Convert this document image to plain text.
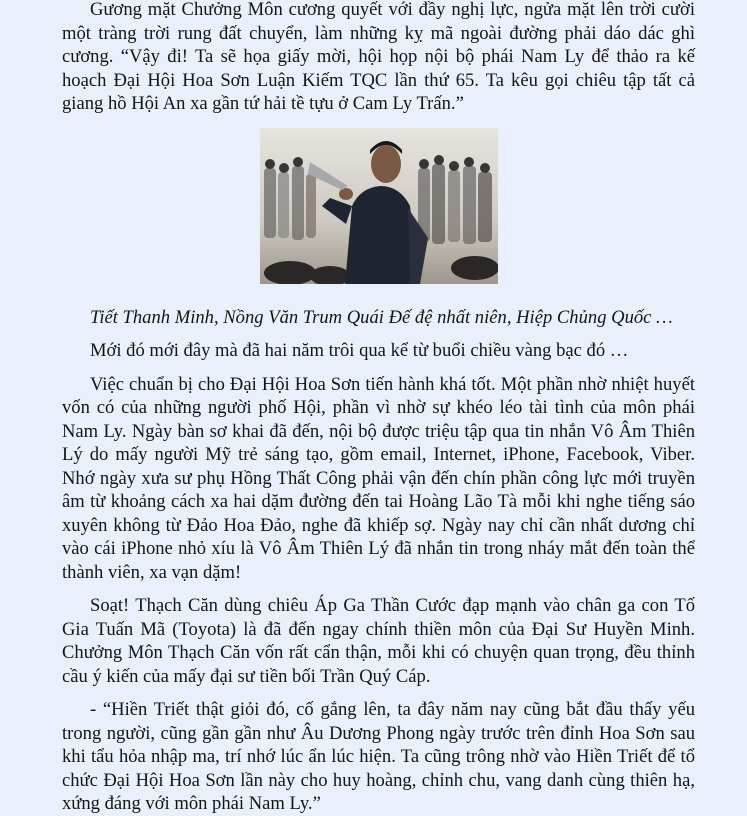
Gương mặt Chưởng Môn cương quyết với đầy nghị lực, ngửa mặt lên trời cười một tràng trời rung đất chuyển, làm những kỵ mã ngoài đường phải dáo dác ghì cương. “Vậy đi! Ta sẽ họa giấy mời, hội họp nội bộ phái Nam Ly để thảo ra kế hoạch Đại Hội Hoa Sơn Luận Kiếm TQC lần thứ 65. Ta kêu gọi chiêu tập tất cả giang hồ Hội An xa gần tứ hải tề tựu ở Cam Ly Trấn.”

Tiết Thanh Minh, Nồng Văn Trum Quái Đế đệ nhất niên, Hiệp Chủng Quốc …

Mới đó mới đây mà đã hai năm trôi qua kể từ buổi chiều vàng bạc đó …

Việc chuẩn bị cho Đại Hội Hoa Sơn tiến hành khá tốt. Một phần nhờ nhiệt huyết vốn có của những người phố Hội, phần vì nhờ sự khéo léo tài tình của môn phái Nam Ly. Ngày bàn sơ khai đã đến, nội bộ được triệu tập qua tin nhắn Vô Âm Thiên Lý do mấy người Mỹ trẻ sáng tạo, gồm email, Internet, iPhone, Facebook, Viber. Nhớ ngày xưa sư phụ Hồng Thất Công phải vận đến chín phần công lực mới truyền âm từ khoảng cách xa hai dặm đường đến tai Hoàng Lão Tà mỗi khi nghe tiếng sáo xuyên không từ Đảo Hoa Đảo, nghe đã khiếp sợ. Ngày nay chỉ cần nhất dương chỉ vào cái iPhone nhỏ xíu là Vô Âm Thiên Lý đã nhắn tin trong nháy mắt đến toàn thể thành viên, xa vạn dặm!

Soạt! Thạch Căn dùng chiêu Áp Ga Thần Cước đạp mạnh vào chân ga con Tố Gia Tuấn Mã (Toyota) là đã đến ngay chính thiền môn của Đại Sư Huyền Minh. Chưởng Môn Thạch Căn vốn rất cẩn thận, mỗi khi có chuyện quan trọng, đều thỉnh cầu ý kiến của mấy đại sư tiền bối Trần Quý Cáp.

- “Hiền Triết thật giỏi đó, cố gắng lên, ta đây năm nay cũng bắt đầu thấy yếu trong người, cũng gần gần như Âu Dương Phong ngày trước trên đỉnh Hoa Sơn sau khi tẩu hỏa nhập ma, trí nhớ lúc ẩn lúc hiện. Ta cũng trông nhờ vào Hiền Triết để tổ chức Đại Hội Hoa Sơn lần này cho huy hoàng, chỉnh chu, vang danh cùng thiên hạ, xứng đáng với môn phái Nam Ly.”
